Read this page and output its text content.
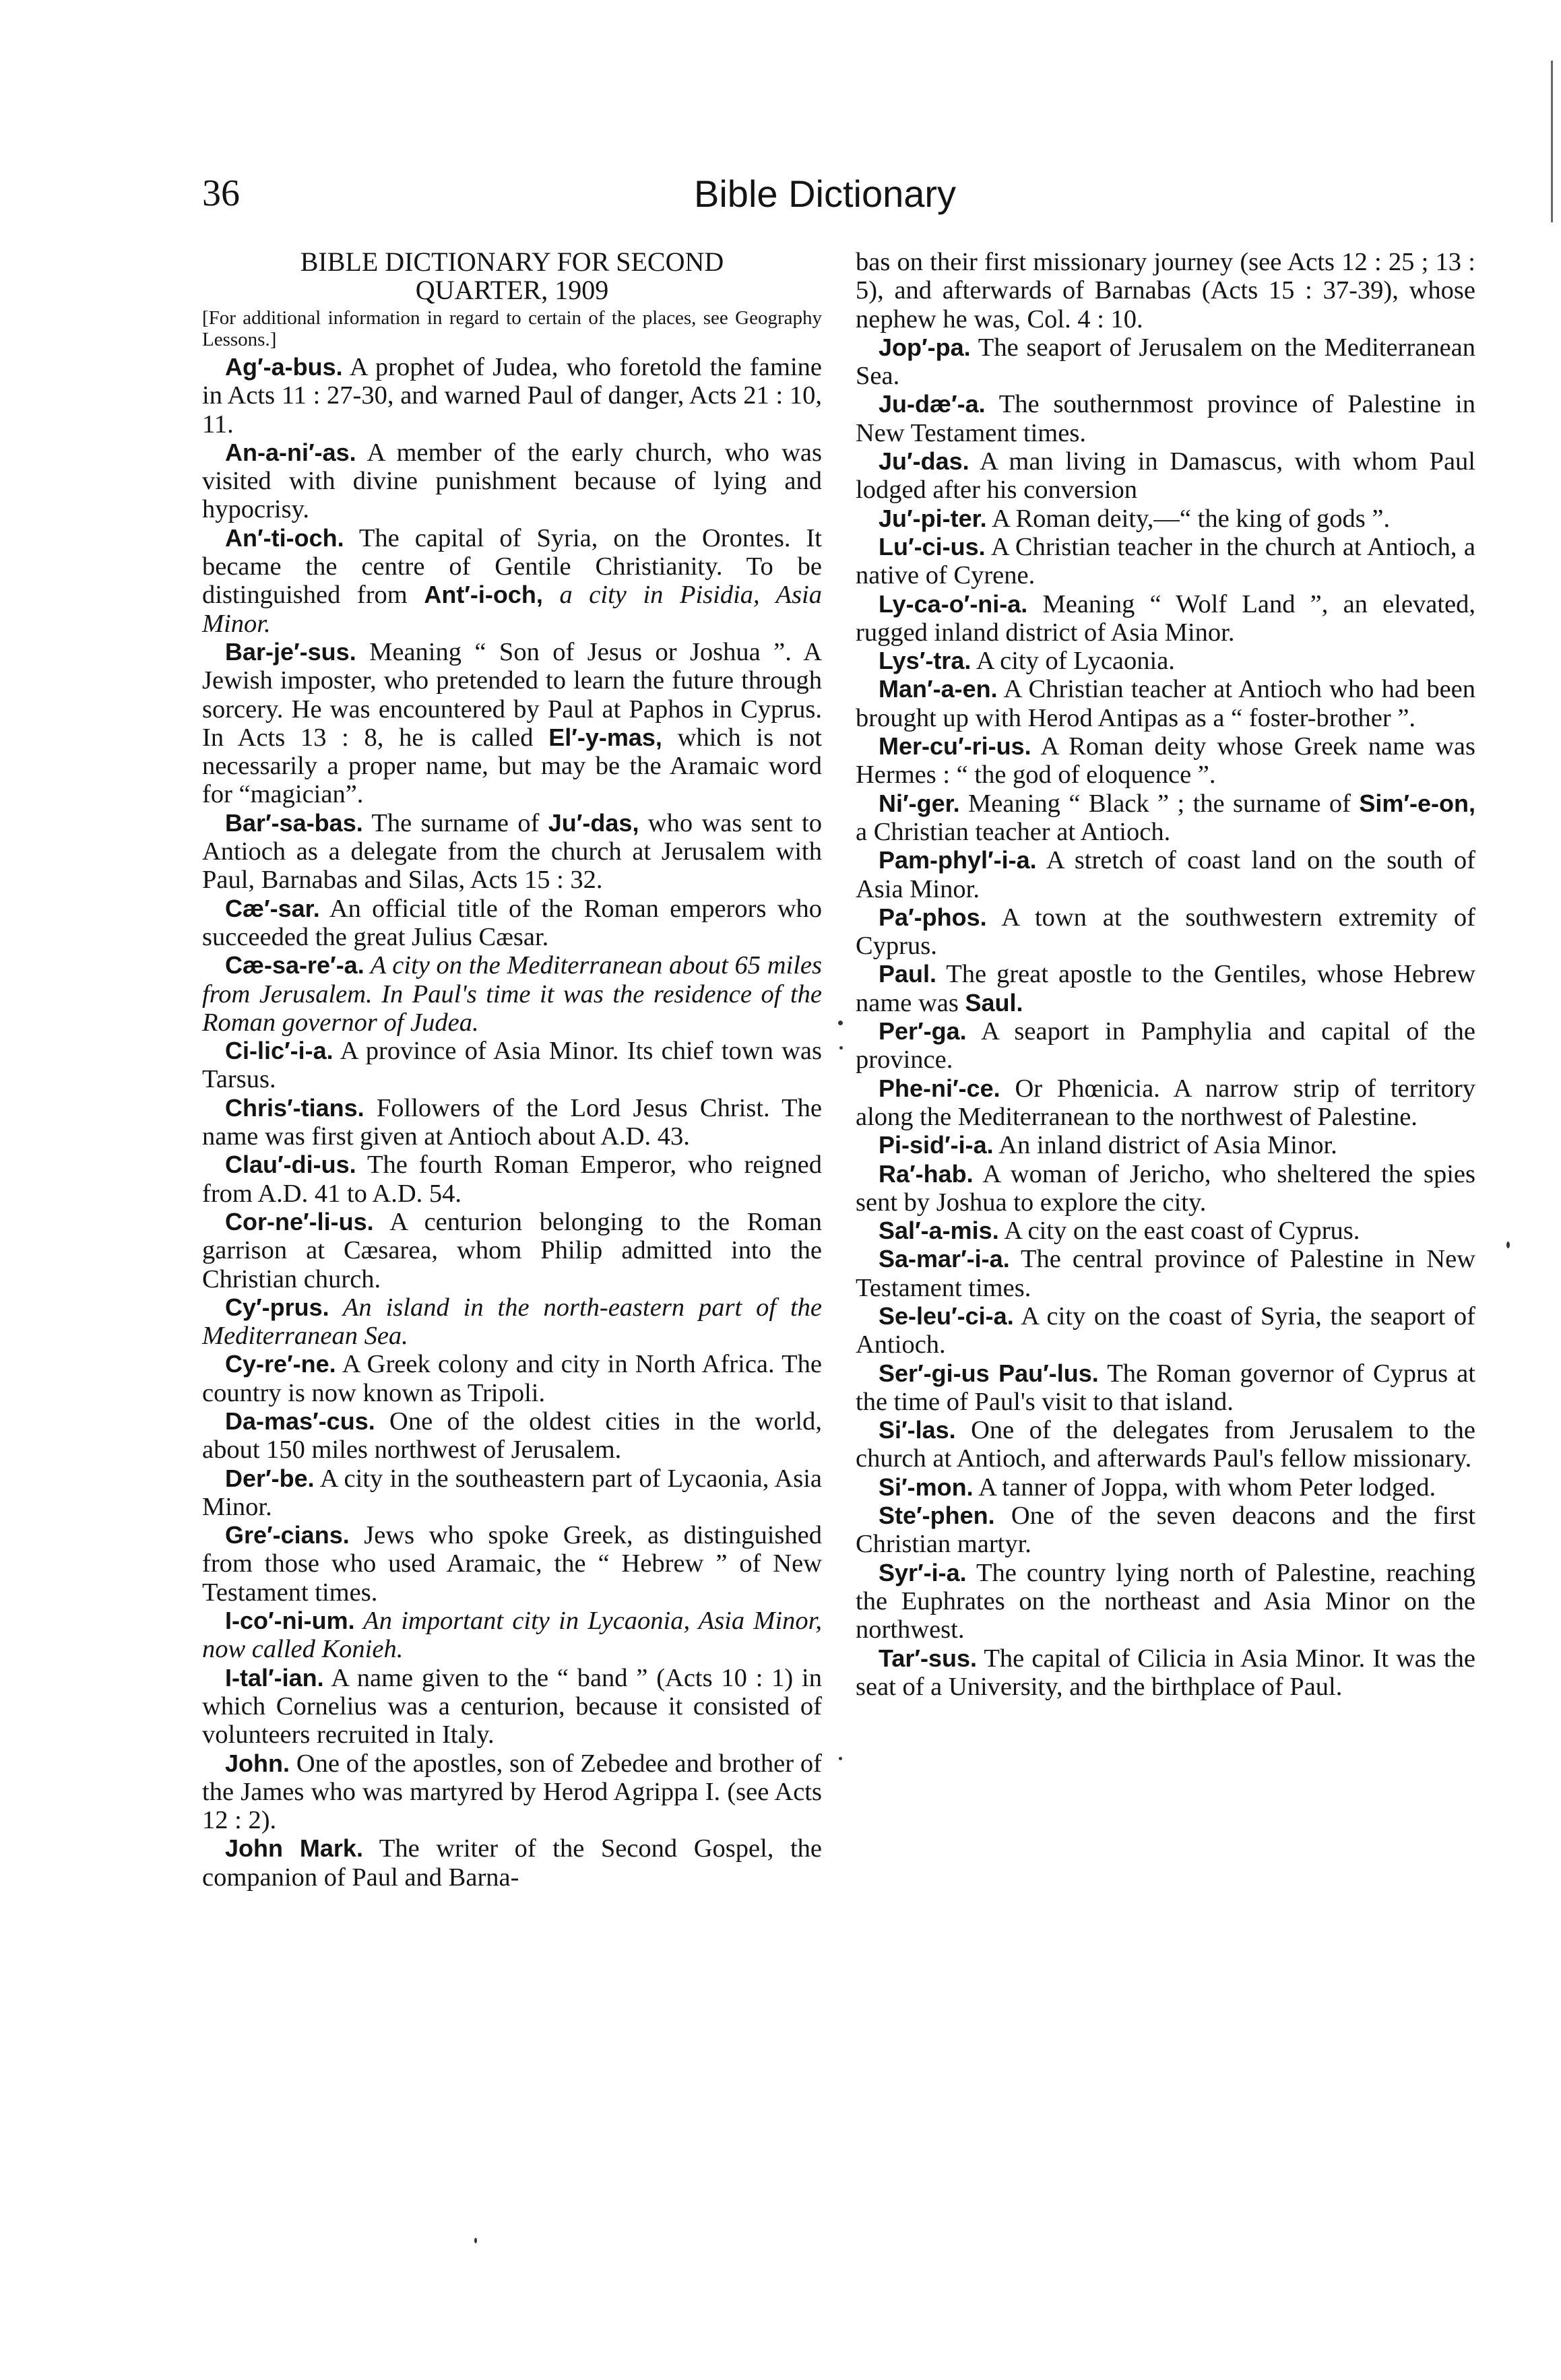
36	Bible Dictionary

BIBLE DICTIONARY FOR SECOND
QUARTER, 1909

[For additional information in regard to certain of the places, see Geography Lessons.]

Ag′-a-bus. A prophet of Judea, who foretold the famine in Acts 11 : 27-30, and warned Paul of danger, Acts 21 : 10, 11.

An-a-ni′-as. A member of the early church, who was visited with divine punishment because of lying and hypocrisy.

An′-ti-och. The capital of Syria, on the Orontes. It became the centre of Gentile Christianity. To be distinguished from Ant′-i-och, a city in Pisidia, Asia Minor.

Bar-je′-sus. Meaning “ Son of Jesus or Joshua ”. A Jewish imposter, who pretended to learn the future through sorcery. He was encountered by Paul at Paphos in Cyprus. In Acts 13 : 8, he is called El′-y-mas, which is not necessarily a proper name, but may be the Aramaic word for “magician”.

Bar′-sa-bas. The surname of Ju′-das, who was sent to Antioch as a delegate from the church at Jerusalem with Paul, Barnabas and Silas, Acts 15 : 32.

Cæ′-sar. An official title of the Roman emperors who succeeded the great Julius Cæsar.

Cæ-sa-re′-a. A city on the Mediterranean about 65 miles from Jerusalem. In Paul's time it was the residence of the Roman governor of Judea.

Ci-lic′-i-a. A province of Asia Minor. Its chief town was Tarsus.

Chris′-tians. Followers of the Lord Jesus Christ. The name was first given at Antioch about A.D. 43.

Clau′-di-us. The fourth Roman Emperor, who reigned from A.D. 41 to A.D. 54.

Cor-ne′-li-us. A centurion belonging to the Roman garrison at Cæsarea, whom Philip admitted into the Christian church.

Cy′-prus. An island in the north-eastern part of the Mediterranean Sea.

Cy-re′-ne. A Greek colony and city in North Africa. The country is now known as Tripoli.

Da-mas′-cus. One of the oldest cities in the world, about 150 miles northwest of Jerusalem.

Der′-be. A city in the southeastern part of Lycaonia, Asia Minor.

Gre′-cians. Jews who spoke Greek, as distinguished from those who used Aramaic, the “ Hebrew ” of New Testament times.

I-co′-ni-um. An important city in Lycaonia, Asia Minor, now called Konieh.

I-tal′-ian. A name given to the “ band ” (Acts 10 : 1) in which Cornelius was a centurion, because it consisted of volunteers recruited in Italy.

John. One of the apostles, son of Zebedee and brother of the James who was martyred by Herod Agrippa I. (see Acts 12 : 2).

John Mark. The writer of the Second Gospel, the companion of Paul and Barna-

bas on their first missionary journey (see Acts 12 : 25 ; 13 : 5), and afterwards of Barnabas (Acts 15 : 37-39), whose nephew he was, Col. 4 : 10.

Jop′-pa. The seaport of Jerusalem on the Mediterranean Sea.

Ju-dæ′-a. The southernmost province of Palestine in New Testament times.

Ju′-das. A man living in Damascus, with whom Paul lodged after his conversion

Ju′-pi-ter. A Roman deity,—“ the king of gods ”.

Lu′-ci-us. A Christian teacher in the church at Antioch, a native of Cyrene.

Ly-ca-o′-ni-a. Meaning “ Wolf Land ”, an elevated, rugged inland district of Asia Minor.

Lys′-tra. A city of Lycaonia.

Man′-a-en. A Christian teacher at Antioch who had been brought up with Herod Antipas as a “ foster-brother ”.

Mer-cu′-ri-us. A Roman deity whose Greek name was Hermes : “ the god of eloquence ”.

Ni′-ger. Meaning “ Black ” ; the surname of Sim′-e-on, a Christian teacher at Antioch.

Pam-phyl′-i-a. A stretch of coast land on the south of Asia Minor.

Pa′-phos. A town at the southwestern extremity of Cyprus.

Paul. The great apostle to the Gentiles, whose Hebrew name was Saul.

Per′-ga. A seaport in Pamphylia and capital of the province.

Phe-ni′-ce. Or Phœnicia. A narrow strip of territory along the Mediterranean to the northwest of Palestine.

Pi-sid′-i-a. An inland district of Asia Minor.

Ra′-hab. A woman of Jericho, who sheltered the spies sent by Joshua to explore the city.

Sal′-a-mis. A city on the east coast of Cyprus.

Sa-mar′-i-a. The central province of Palestine in New Testament times.

Se-leu′-ci-a. A city on the coast of Syria, the seaport of Antioch.

Ser′-gi-us Pau′-lus. The Roman governor of Cyprus at the time of Paul's visit to that island.

Si′-las. One of the delegates from Jerusalem to the church at Antioch, and afterwards Paul's fellow missionary.

Si′-mon. A tanner of Joppa, with whom Peter lodged.

Ste′-phen. One of the seven deacons and the first Christian martyr.

Syr′-i-a. The country lying north of Palestine, reaching the Euphrates on the northeast and Asia Minor on the northwest.

Tar′-sus. The capital of Cilicia in Asia Minor. It was the seat of a University, and the birthplace of Paul.
